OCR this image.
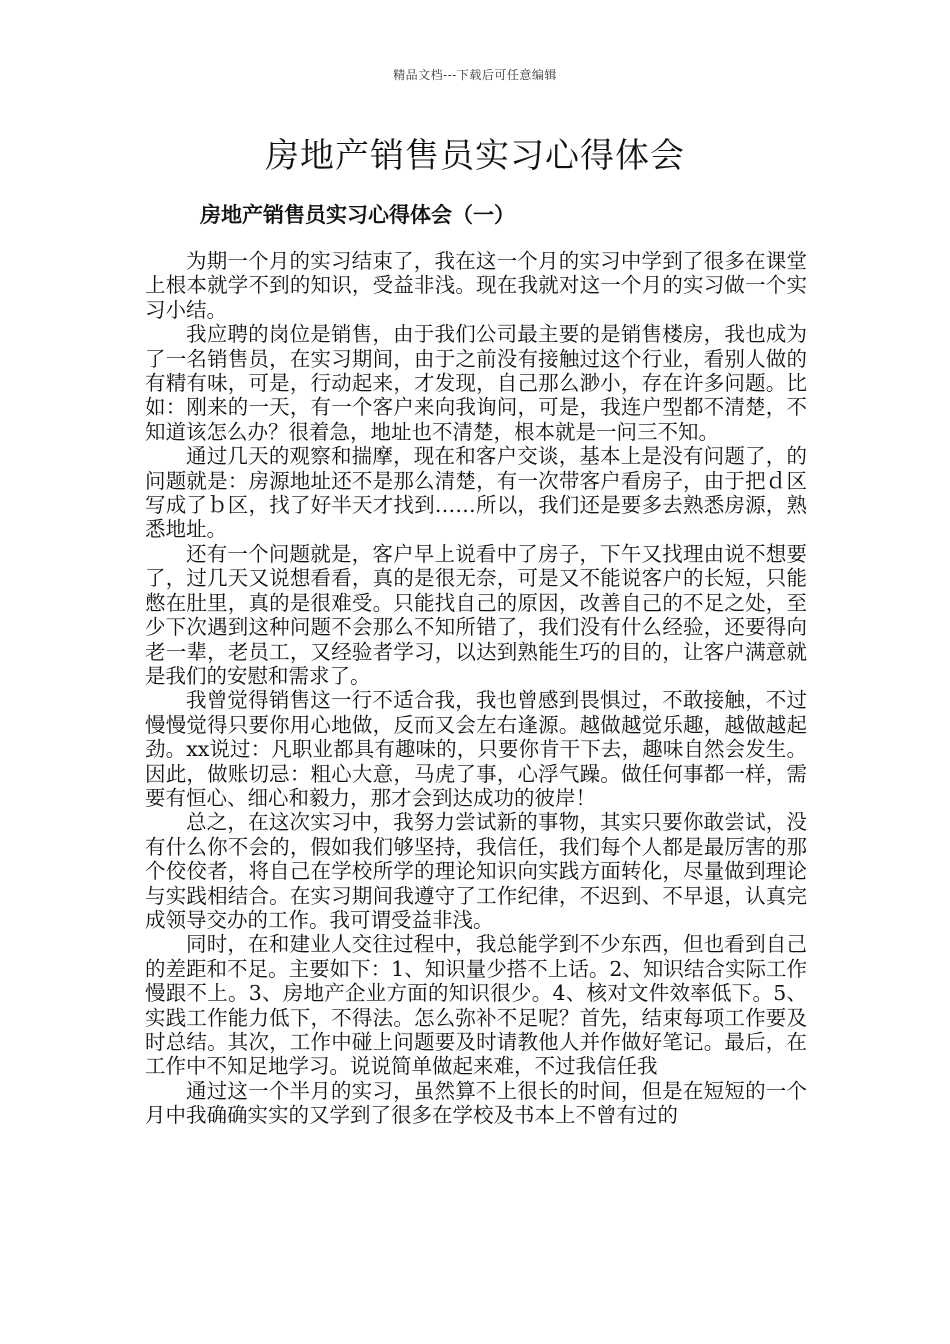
精品文档---下载后可任意编辑
房地产销售员实习心得体会
房地产销售员实习心得体会（一）

为期一个月的实习结束了，我在这一个月的实习中学到了很多在课堂上根本就学不到的知识，受益非浅。现在我就对这一个月的实习做一个实习小结。

我应聘的岗位是销售，由于我们公司最主要的是销售楼房，我也成为了一名销售员，在实习期间，由于之前没有接触过这个行业，看别人做的有精有味，可是，行动起来，才发现，自己那么渺小，存在许多问题。比如：刚来的一天，有一个客户来向我询问，可是，我连户型都不清楚，不知道该怎么办？很着急，地址也不清楚，根本就是一问三不知。

通过几天的观察和揣摩，现在和客户交谈，基本上是没有问题了，的问题就是：房源地址还不是那么清楚，有一次带客户看房子，由于把ｄ区写成了ｂ区，找了好半天才找到……所以，我们还是要多去熟悉房源，熟悉地址。

还有一个问题就是，客户早上说看中了房子，下午又找理由说不想要了，过几天又说想看看，真的是很无奈，可是又不能说客户的长短，只能憋在肚里，真的是很难受。只能找自己的原因，改善自己的不足之处，至少下次遇到这种问题不会那么不知所错了，我们没有什么经验，还要得向老一辈，老员工，又经验者学习，以达到熟能生巧的目的，让客户满意就是我们的安慰和需求了。

我曾觉得销售这一行不适合我，我也曾感到畏惧过，不敢接触，不过慢慢觉得只要你用心地做，反而又会左右逢源。越做越觉乐趣，越做越起劲。xx说过：凡职业都具有趣味的，只要你肯干下去，趣味自然会发生。因此，做账切忌：粗心大意，马虎了事，心浮气躁。做任何事都一样，需要有恒心、细心和毅力，那才会到达成功的彼岸！

总之，在这次实习中，我努力尝试新的事物，其实只要你敢尝试，没有什么你不会的，假如我们够坚持，我信任，我们每个人都是最厉害的那个佼佼者，将自己在学校所学的理论知识向实践方面转化，尽量做到理论与实践相结合。在实习期间我遵守了工作纪律，不迟到、不早退，认真完成领导交办的工作。我可谓受益非浅。

同时，在和建业人交往过程中，我总能学到不少东西，但也看到自己的差距和不足。主要如下：1、知识量少搭不上话。2、知识结合实际工作慢跟不上。3、房地产企业方面的知识很少。4、核对文件效率低下。5、实践工作能力低下，不得法。怎么弥补不足呢？首先，结束每项工作要及时总结。其次，工作中碰上问题要及时请教他人并作做好笔记。最后，在工作中不知足地学习。说说简单做起来难，不过我信任我

通过这一个半月的实习，虽然算不上很长的时间，但是在短短的一个月中我确确实实的又学到了很多在学校及书本上不曾有过的
